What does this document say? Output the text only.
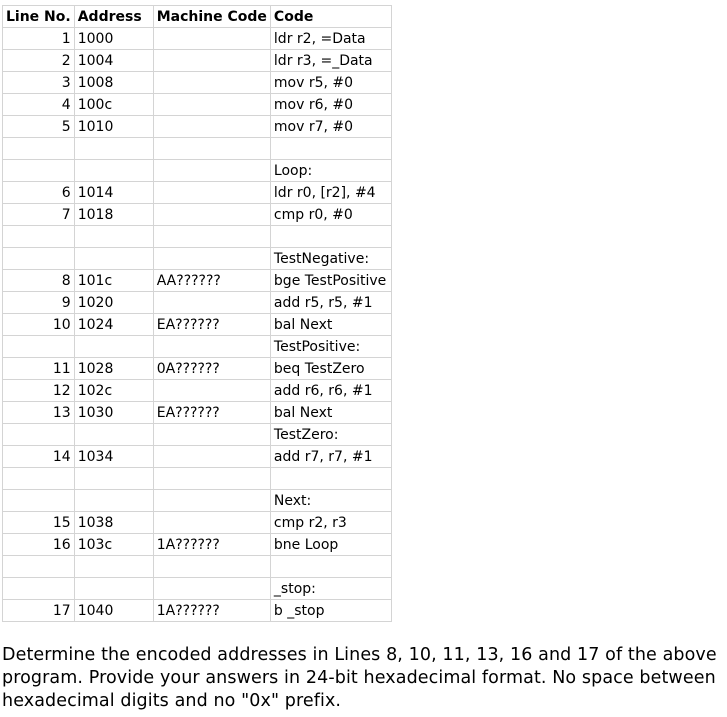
Line No.	Address	Machine Code	Code
1	1000		ldr r2, =Data
2	1004		ldr r3, =_Data
3	1008		mov r5, #0
4	100c		mov r6, #0
5	1010		mov r7, #0

			Loop:
6	1014		ldr r0, [r2], #4
7	1018		cmp r0, #0

			TestNegative:
8	101c	AA??????	bge TestPositive
9	1020		add r5, r5, #1
10	1024	EA??????	bal Next
			TestPositive:
11	1028	0A??????	beq TestZero
12	102c		add r6, r6, #1
13	1030	EA??????	bal Next
			TestZero:
14	1034		add r7, r7, #1

			Next:
15	1038		cmp r2, r3
16	103c	1A??????	bne Loop

			_stop:
17	1040	1A??????	b _stop

Determine the encoded addresses in Lines 8, 10, 11, 13, 16 and 17 of the above program. Provide your answers in 24-bit hexadecimal format. No space between hexadecimal digits and no "0x" prefix.
